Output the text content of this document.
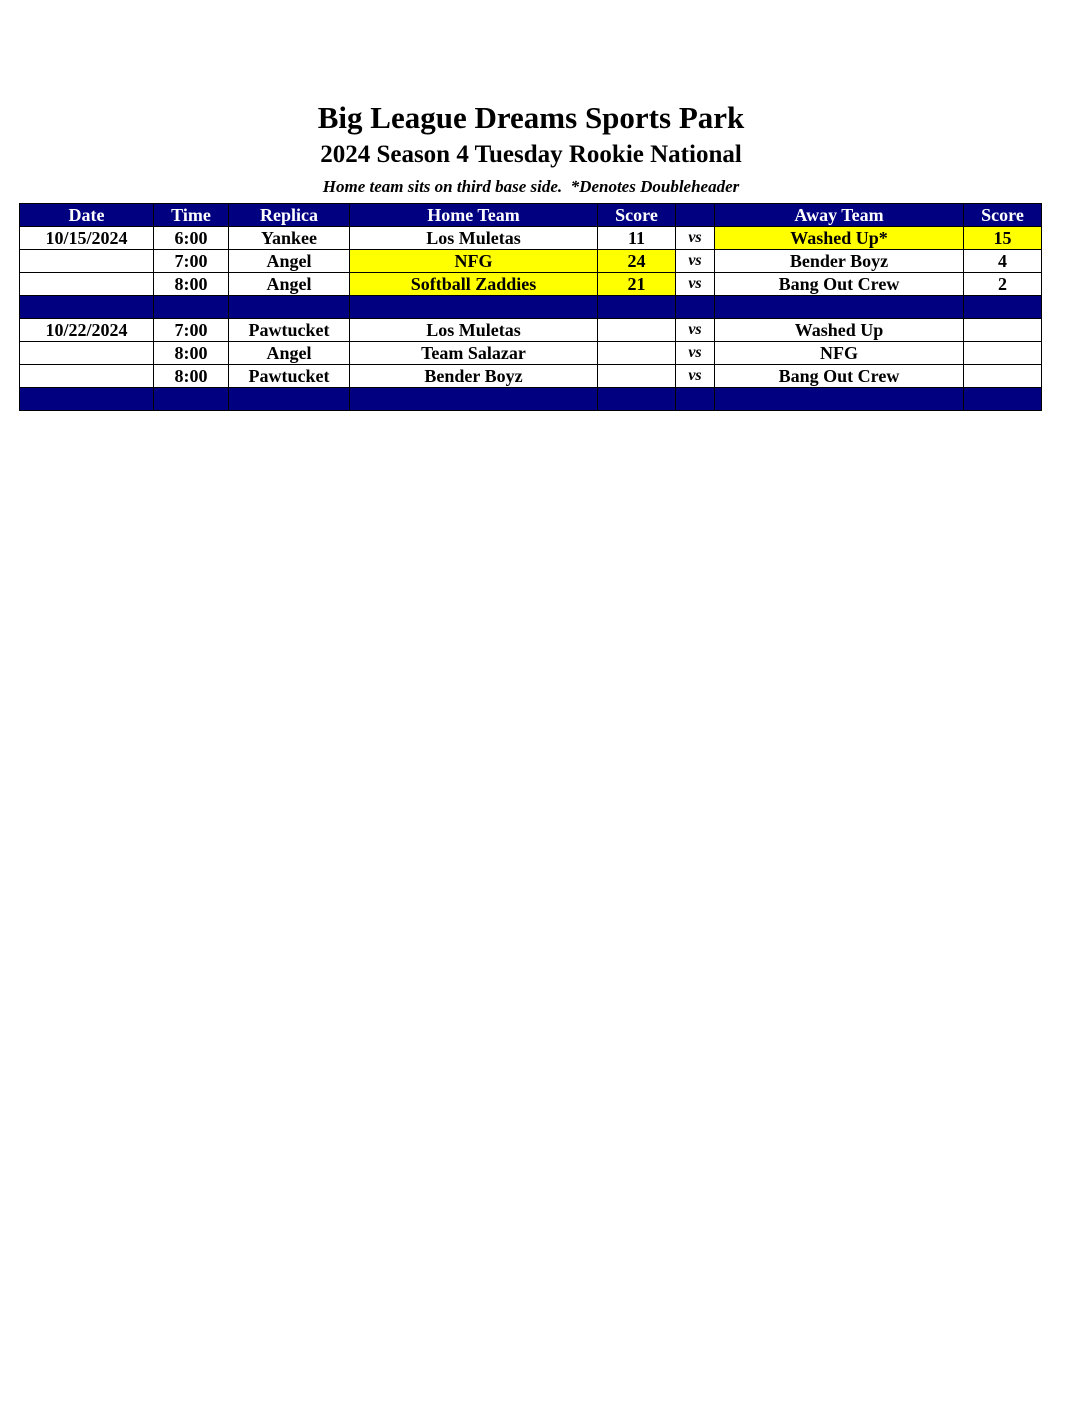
Big League Dreams Sports Park
2024 Season 4 Tuesday Rookie National
Home team sits on third base side.  *Denotes Doubleheader
Date	Time	Replica	Home Team	Score		Away Team	Score
10/15/2024	6:00	Yankee	Los Muletas	11	vs	Washed Up*	15
	7:00	Angel	NFG	24	vs	Bender Boyz	4
	8:00	Angel	Softball Zaddies	21	vs	Bang Out Crew	2

10/22/2024	7:00	Pawtucket	Los Muletas		vs	Washed Up	
	8:00	Angel	Team Salazar		vs	NFG	
	8:00	Pawtucket	Bender Boyz		vs	Bang Out Crew	
